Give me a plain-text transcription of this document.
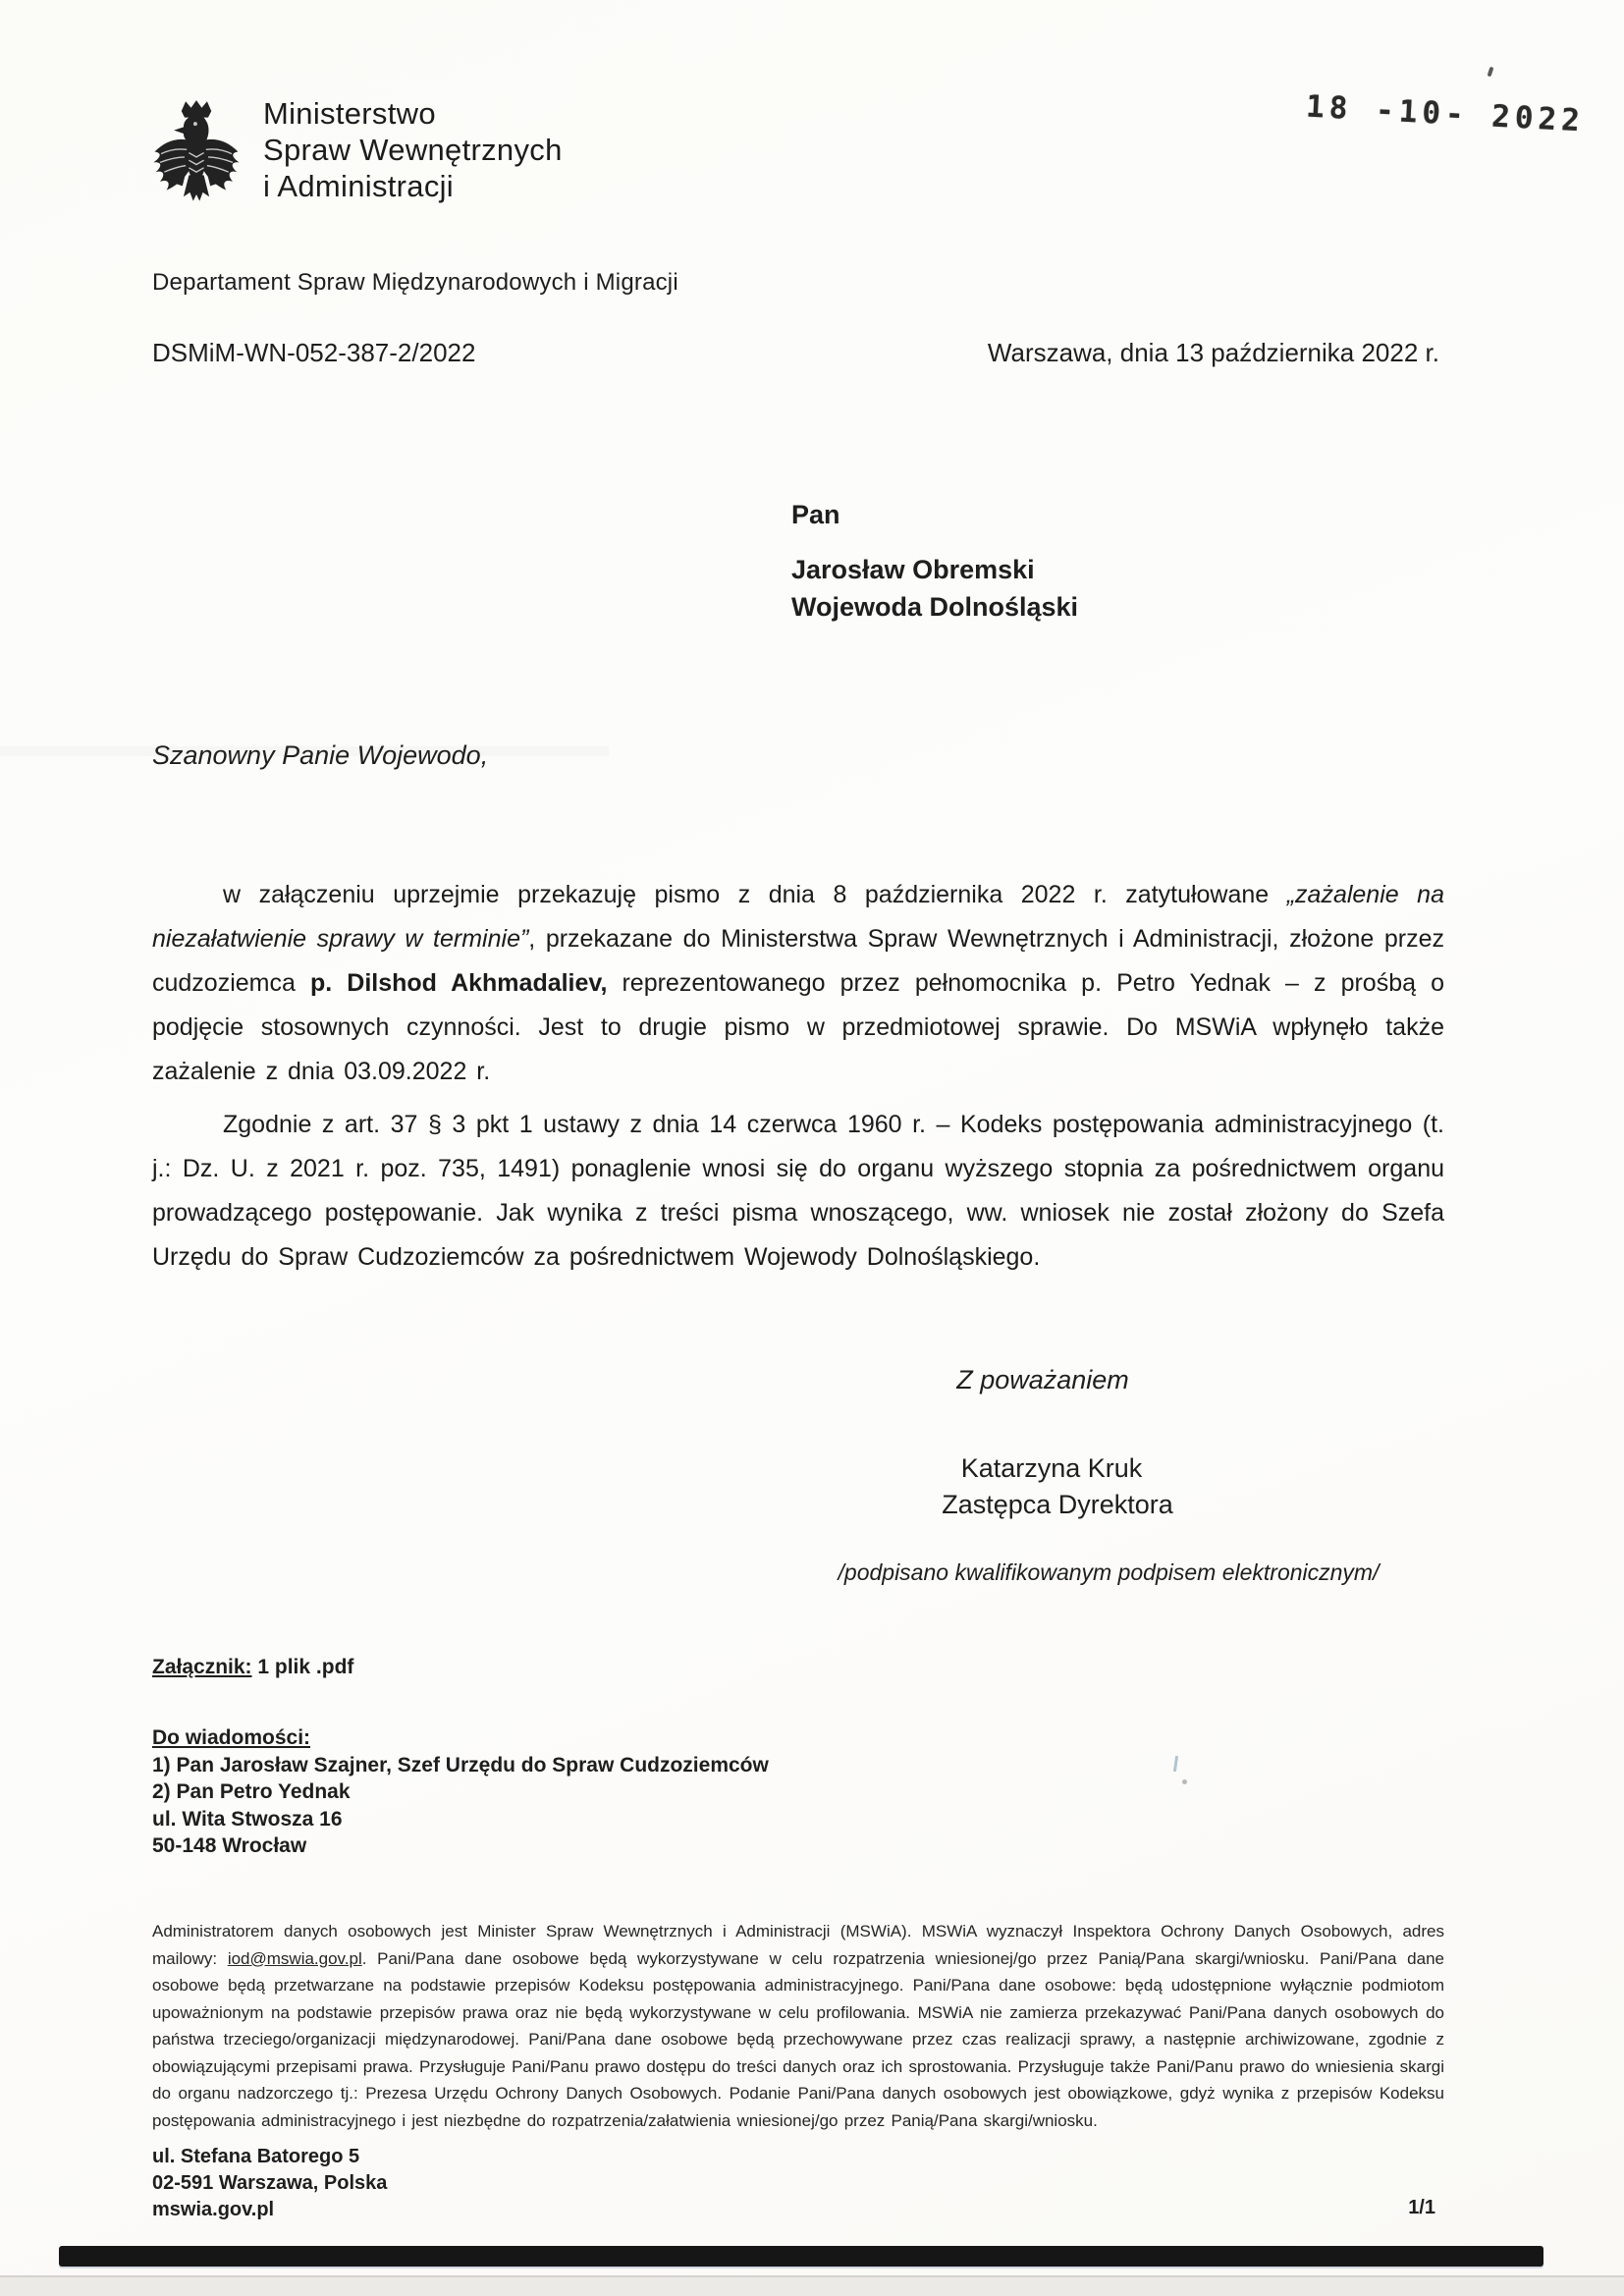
Ministerstwo
Spraw Wewnętrznych
i Administracji
18 -10- 2022
Departament Spraw Międzynarodowych i Migracji
DSMiM-WN-052-387-2/2022	Warszawa, dnia 13 października 2022 r.
Pan
Jarosław Obremski
Wojewoda Dolnośląski
Szanowny Panie Wojewodo,

w załączeniu uprzejmie przekazuję pismo z dnia 8 października 2022 r. zatytułowane „zażalenie na niezałatwienie sprawy w terminie”, przekazane do Ministerstwa Spraw Wewnętrznych i Administracji, złożone przez cudzoziemca p. Dilshod Akhmadaliev, reprezentowanego przez pełnomocnika p. Petro Yednak – z prośbą o podjęcie stosownych czynności. Jest to drugie pismo w przedmiotowej sprawie. Do MSWiA wpłynęło także zażalenie z dnia 03.09.2022 r.

Zgodnie z art. 37 § 3 pkt 1 ustawy z dnia 14 czerwca 1960 r. – Kodeks postępowania administracyjnego (t. j.: Dz. U. z 2021 r. poz. 735, 1491) ponaglenie wnosi się do organu wyższego stopnia za pośrednictwem organu prowadzącego postępowanie. Jak wynika z treści pisma wnoszącego, ww. wniosek nie został złożony do Szefa Urzędu do Spraw Cudzoziemców za pośrednictwem Wojewody Dolnośląskiego.

Z poważaniem
Katarzyna Kruk
Zastępca Dyrektora
/podpisano kwalifikowanym podpisem elektronicznym/
Załącznik: 1 plik .pdf
Do wiadomości:
1) Pan Jarosław Szajner, Szef Urzędu do Spraw Cudzoziemców
2) Pan Petro Yednak
ul. Wita Stwosza 16
50-148 Wrocław

Administratorem danych osobowych jest Minister Spraw Wewnętrznych i Administracji (MSWiA). MSWiA wyznaczył Inspektora Ochrony Danych Osobowych, adres mailowy: iod@mswia.gov.pl. Pani/Pana dane osobowe będą wykorzystywane w celu rozpatrzenia wniesionej/go przez Panią/Pana skargi/wniosku. Pani/Pana dane osobowe będą przetwarzane na podstawie przepisów Kodeksu postępowania administracyjnego. Pani/Pana dane osobowe: będą udostępnione wyłącznie podmiotom upoważnionym na podstawie przepisów prawa oraz nie będą wykorzystywane w celu profilowania. MSWiA nie zamierza przekazywać Pani/Pana danych osobowych do państwa trzeciego/organizacji międzynarodowej. Pani/Pana dane osobowe będą przechowywane przez czas realizacji sprawy, a następnie archiwizowane, zgodnie z obowiązującymi przepisami prawa. Przysługuje Pani/Panu prawo dostępu do treści danych oraz ich sprostowania. Przysługuje także Pani/Panu prawo do wniesienia skargi do organu nadzorczego tj.: Prezesa Urzędu Ochrony Danych Osobowych. Podanie Pani/Pana danych osobowych jest obowiązkowe, gdyż wynika z przepisów Kodeksu postępowania administracyjnego i jest niezbędne do rozpatrzenia/załatwienia wniesionej/go przez Panią/Pana skargi/wniosku.

ul. Stefana Batorego 5
02-591 Warszawa, Polska
mswia.gov.pl	1/1
